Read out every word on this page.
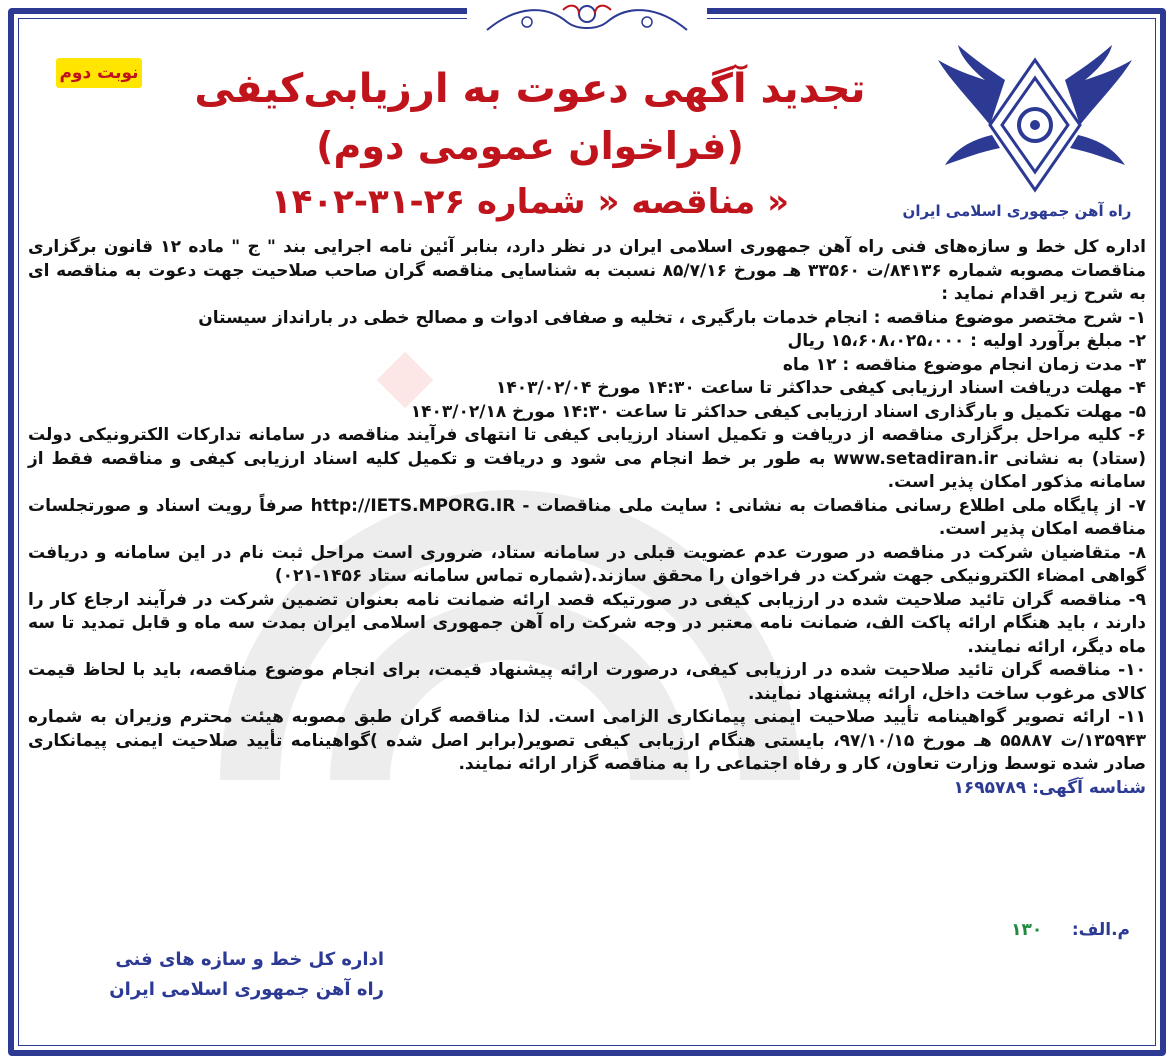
نوبت دوم	تجدید آگهی دعوت به ارزیابی‌کیفی
(فراخوان عمومی دوم)
مناقصه « شماره ۲۶-۳۱-۱۴۰۲ »	راه آهن جمهوری اسلامی ایران

اداره کل خط و سازه‌های فنی راه آهن جمهوری اسلامی ایران در نظر دارد، بنابر آئین نامه اجرایی بند " ج " ماده ۱۲ قانون برگزاری مناقصات مصوبه شماره ۸۴۱۳۶/ت ۳۳۵۶۰ هـ مورخ ۸۵/۷/۱۶ نسبت به شناسایی مناقصه گران صاحب صلاحیت جهت دعوت به مناقصه ای به شرح زیر اقدام نماید :

۱- شرح مختصر موضوع مناقصه : انجام خدمات بارگیری ، تخلیه و صفافی ادوات و مصالح خطی در بارانداز سیستان

۲- مبلغ برآورد اولیه : ۱۵،۶۰۸،۰۲۵،۰۰۰ ریال

۳- مدت زمان انجام موضوع مناقصه : ۱۲ ماه

۴- مهلت دریافت اسناد ارزیابی کیفی حداکثر تا ساعت ۱۴:۳۰ مورخ ۱۴۰۳/۰۲/۰۴

۵- مهلت تکمیل و بارگذاری اسناد ارزیابی کیفی حداکثر تا ساعت ۱۴:۳۰ مورخ ۱۴۰۳/۰۲/۱۸

۶- کلیه مراحل برگزاری مناقصه از دریافت و تکمیل اسناد ارزیابی کیفی تا انتهای فرآیند مناقصه در سامانه تدارکات الکترونیکی دولت (ستاد) به نشانی www.setadiran.ir به طور بر خط انجام می شود و دریافت و تکمیل کلیه اسناد ارزیابی کیفی و مناقصه فقط از سامانه مذکور امکان پذیر است.

۷- از پایگاه ملی اطلاع رسانی مناقصات به نشانی : سایت ملی مناقصات - http://IETS.MPORG.IR صرفاً رویت اسناد و صورتجلسات مناقصه امکان پذیر است.

۸- متقاضیان شرکت در مناقصه در صورت عدم عضویت قبلی در سامانه ستاد، ضروری است مراحل ثبت نام در این سامانه و دریافت گواهی امضاء الکترونیکی جهت شرکت در فراخوان را محقق سازند.(شماره تماس سامانه ستاد ۱۴۵۶-۰۲۱)

۹- مناقصه گران تائید صلاحیت شده در ارزیابی کیفی در صورتیکه قصد ارائه ضمانت نامه بعنوان تضمین شرکت در فرآیند ارجاع کار را دارند ، باید هنگام ارائه پاکت الف، ضمانت نامه معتبر در وجه شرکت راه آهن جمهوری اسلامی ایران بمدت سه ماه و قابل تمدید تا سه ماه دیگر، ارائه نمایند.

۱۰- مناقصه گران تائید صلاحیت شده در ارزیابی کیفی، درصورت ارائه پیشنهاد قیمت، برای انجام موضوع مناقصه، باید با لحاظ قیمت کالای مرغوب ساخت داخل، ارائه پیشنهاد نمایند.

۱۱- ارائه تصویر گواهینامه تأیید صلاحیت ایمنی پیمانکاری الزامی است. لذا مناقصه گران طبق مصوبه هیئت محترم وزیران به شماره ۱۳۵۹۴۳/ت ۵۵۸۸۷ هـ مورخ ۹۷/۱۰/۱۵، بایستی هنگام ارزیابی کیفی تصویر(برابر اصل شده )گواهینامه تأیید صلاحیت ایمنی پیمانکاری صادر شده توسط وزارت تعاون، کار و رفاه اجتماعی را به مناقصه گزار ارائه نمایند.

شناسه آگهی: ۱۶۹۵۷۸۹

م.الف:     ۱۳۰
اداره کل خط و سازه های فنی
راه آهن جمهوری اسلامی ایران
